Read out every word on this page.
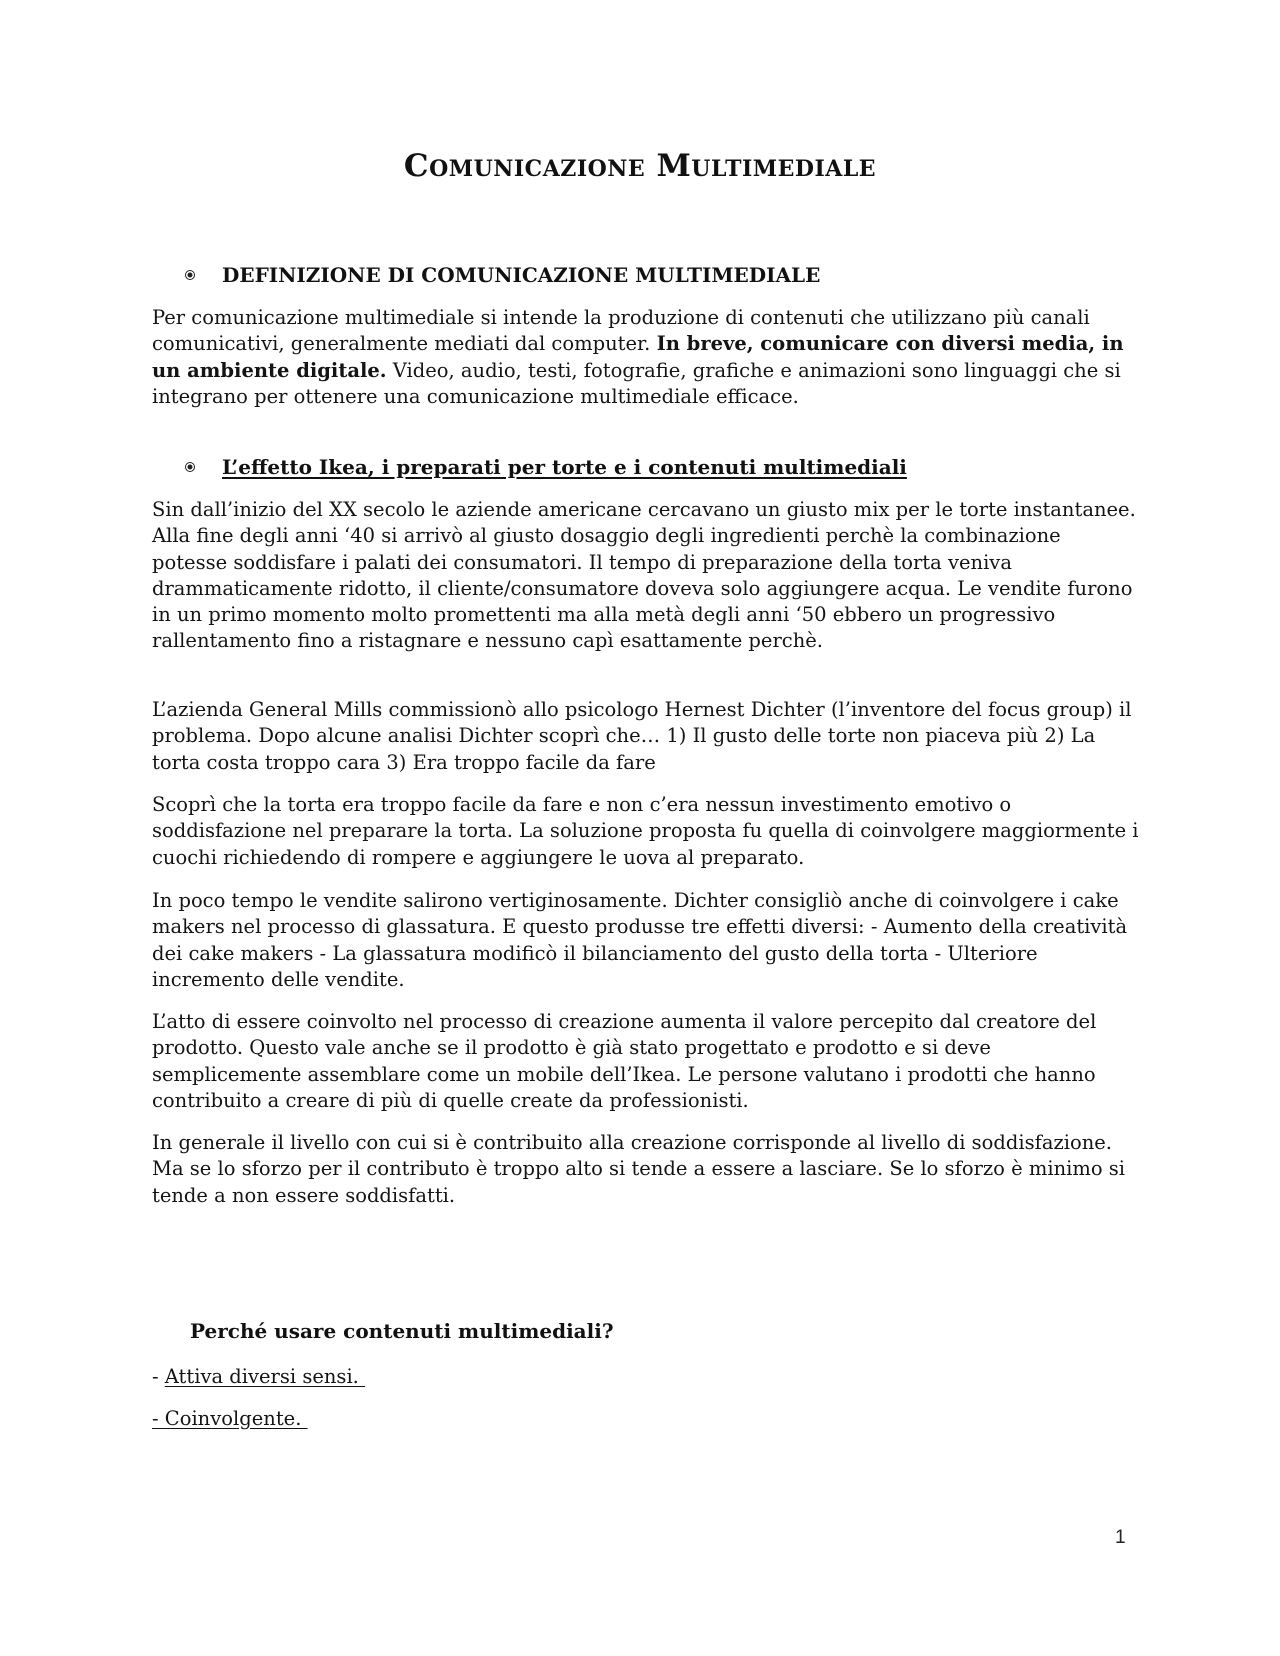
Comunicazione Multimediale
DEFINIZIONE DI COMUNICAZIONE MULTIMEDIALE

Per comunicazione multimediale si intende la produzione di contenuti che utilizzano più canali comunicativi, generalmente mediati dal computer. In breve, comunicare con diversi media, in un ambiente digitale. Video, audio, testi, fotografie, grafiche e animazioni sono linguaggi che si integrano per ottenere una comunicazione multimediale efficace.

L’effetto Ikea, i preparati per torte e i contenuti multimediali

Sin dall’inizio del XX secolo le aziende americane cercavano un giusto mix per le torte instantanee. Alla fine degli anni ‘40 si arrivò al giusto dosaggio degli ingredienti perchè la combinazione potesse soddisfare i palati dei consumatori. Il tempo di preparazione della torta veniva drammaticamente ridotto, il cliente/consumatore doveva solo aggiungere acqua. Le vendite furono in un primo momento molto promettenti ma alla metà degli anni ‘50 ebbero un progressivo rallentamento fino a ristagnare e nessuno capì esattamente perchè.

L’azienda General Mills commissionò allo psicologo Hernest Dichter (l’inventore del focus group) il problema. Dopo alcune analisi Dichter scoprì che… 1) Il gusto delle torte non piaceva più 2) La torta costa troppo cara 3) Era troppo facile da fare

Scoprì che la torta era troppo facile da fare e non c’era nessun investimento emotivo o soddisfazione nel preparare la torta. La soluzione proposta fu quella di coinvolgere maggiormente i cuochi richiedendo di rompere e aggiungere le uova al preparato.

In poco tempo le vendite salirono vertiginosamente. Dichter consigliò anche di coinvolgere i cake makers nel processo di glassatura. E questo produsse tre effetti diversi: - Aumento della creatività dei cake makers - La glassatura modificò il bilanciamento del gusto della torta - Ulteriore incremento delle vendite.

L’atto di essere coinvolto nel processo di creazione aumenta il valore percepito dal creatore del prodotto. Questo vale anche se il prodotto è già stato progettato e prodotto e si deve semplicemente assemblare come un mobile dell’Ikea. Le persone valutano i prodotti che hanno contribuito a creare di più di quelle create da professionisti.

In generale il livello con cui si è contribuito alla creazione corrisponde al livello di soddisfazione. Ma se lo sforzo per il contributo è troppo alto si tende a essere a lasciare. Se lo sforzo è minimo si tende a non essere soddisfatti.

Perché usare contenuti multimediali?

- Attiva diversi sensi.
- Coinvolgente.
1
